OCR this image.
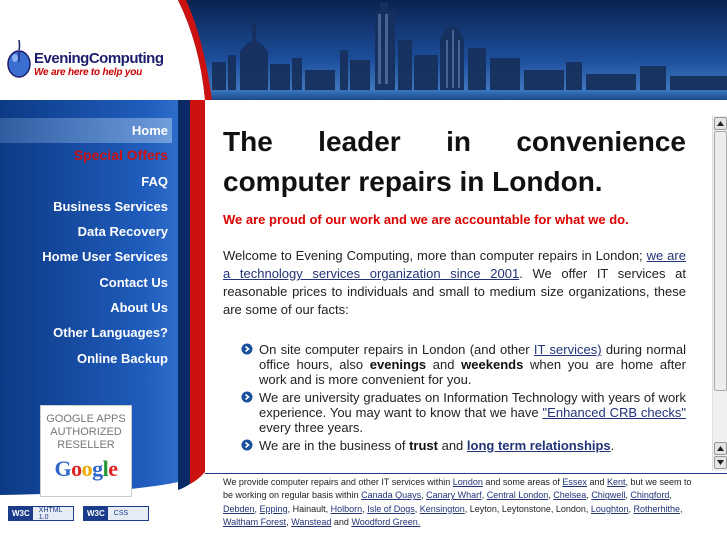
EveningComputing
We are here to help you
Home
Special Offers
FAQ
Business Services
Data Recovery
Home User Services
Contact Us
About Us
Other Languages?
Online Backup
GOOGLE APPS
AUTHORIZED
RESELLER
Google
W3C	XHTML 1.0	W3C	CSS
The leader in convenience
computer repairs in London.

We are proud of our work and we are accountable for what we do.

Welcome to Evening Computing, more than computer repairs in London; we are a technology services organization since 2001. We offer IT services at reasonable prices to individuals and small to medium size organizations, these are some of our facts:

On site computer repairs in London (and other IT services) during normal office hours, also evenings and weekends when you are home after work and is more convenient for you.
We are university graduates on Information Technology with years of work experience. You may want to know that we have "Enhanced CRB checks" every three years.
We are in the business of trust and long term relationships.
We provide computer repairs and other IT services within London and some areas of Essex and Kent, but we seem to be working on regular basis within Canada Quays, Canary Wharf, Central London, Chelsea, Chigwell, Chingford, Debden, Epping, Hainault, Holborn, Isle of Dogs, Kensington, Leyton, Leytonstone, London, Loughton, Rotherhithe, Waltham Forest, Wanstead and Woodford Green.
